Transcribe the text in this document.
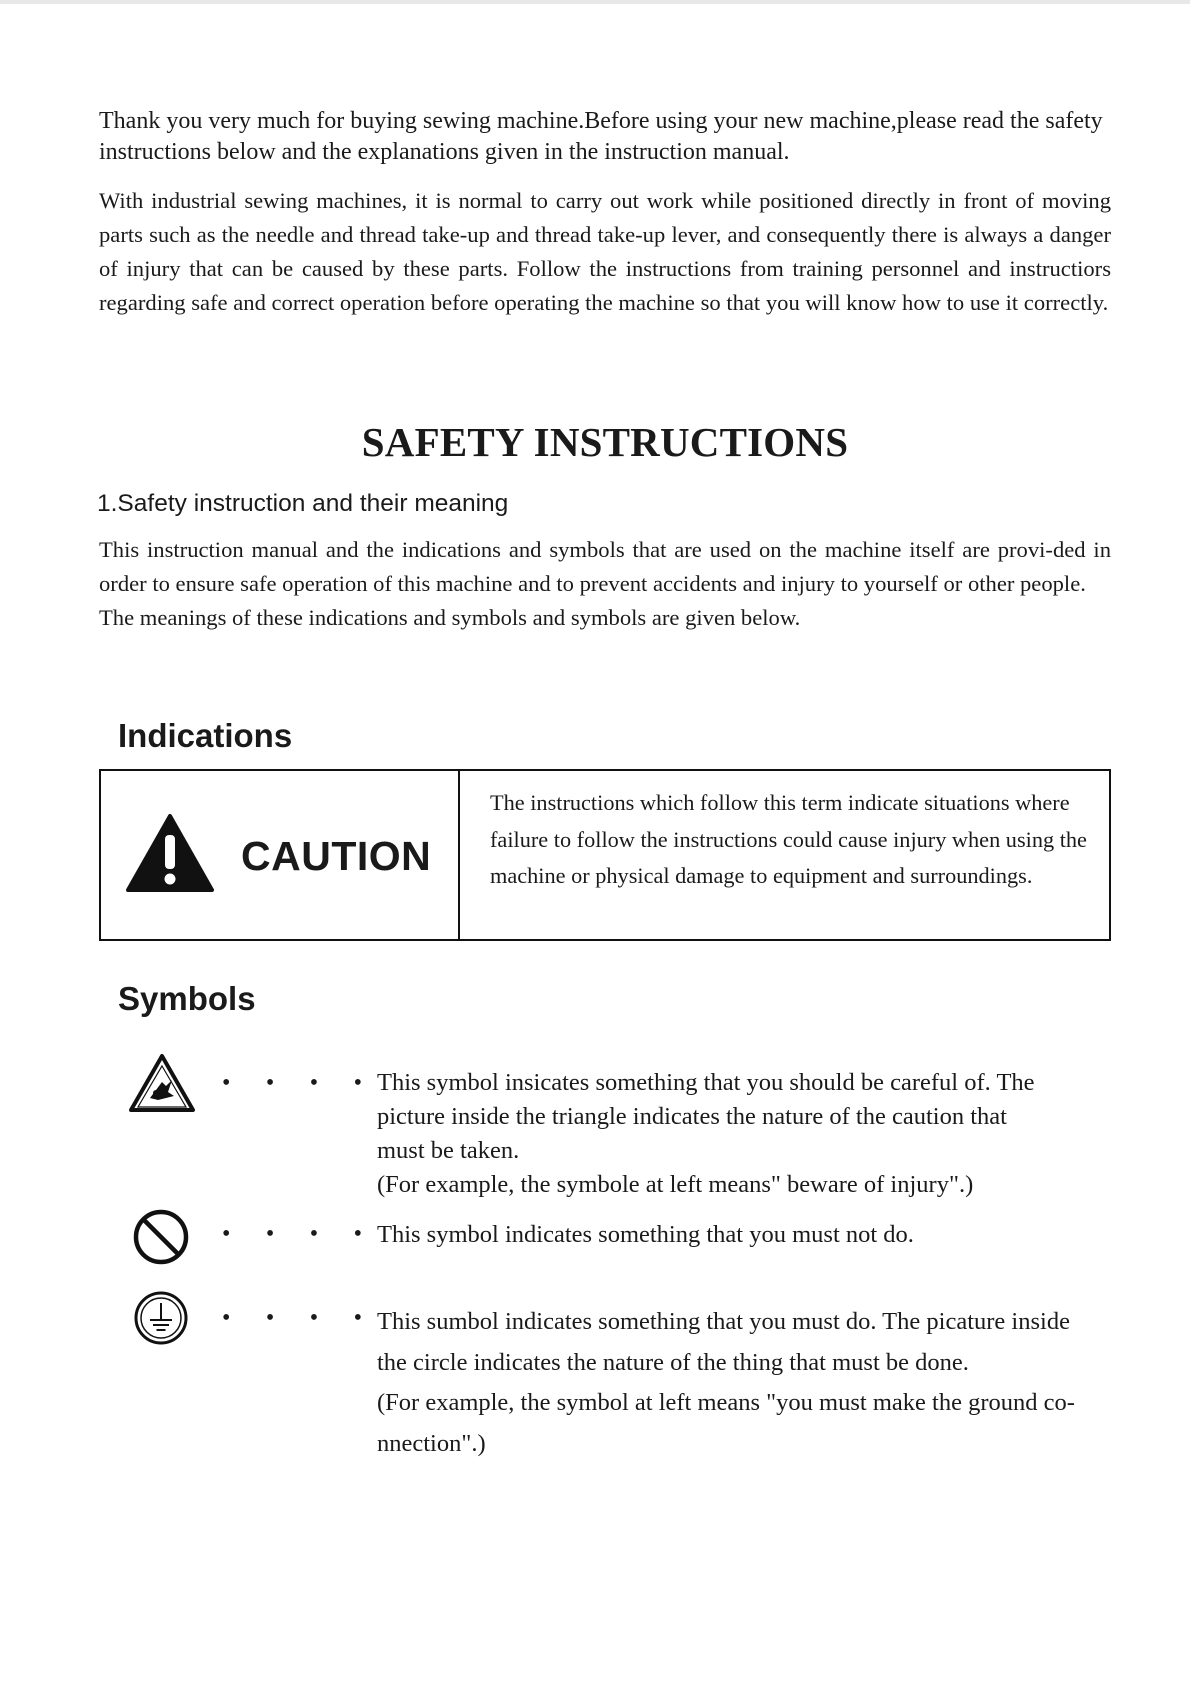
Thank you very much for buying sewing machine.Before using your new machine,please read the safety instructions below and the explanations given in the instruction manual.

With industrial sewing machines, it is normal to carry out work while positioned directly in front of moving parts such as the needle and thread take-up and thread take-up lever, and consequently there is always a danger of injury that can be caused by these parts. Follow the instructions from training personnel and instructiors regarding safe and correct operation before operating the machine so that you will know how to use it correctly.

SAFETY INSTRUCTIONS
1.Safety instruction and their meaning
This instruction manual and the indications and symbols that are used on the machine itself are provi-ded in order to ensure safe operation of this machine and to prevent accidents and injury to yourself or other people.
The meanings of these indications and symbols and symbols are given below.
Indications
CAUTION

The instructions which follow this term indicate situations where failure to follow the instructions could cause injury when using the machine or physical damage to equipment and surroundings.

Symbols
• • • • This symbol insicates something that you should be careful of. The
picture inside the triangle indicates the nature of the caution that
must be taken.
(For example, the symbole at left means" beware of injury".)
• • • • This symbol indicates something that you must not do.
• • • • This sumbol indicates something that you must do. The picature inside
the circle indicates the nature of the thing that must be done.
(For example, the symbol at left means "you must make the ground co-
nnection".)
